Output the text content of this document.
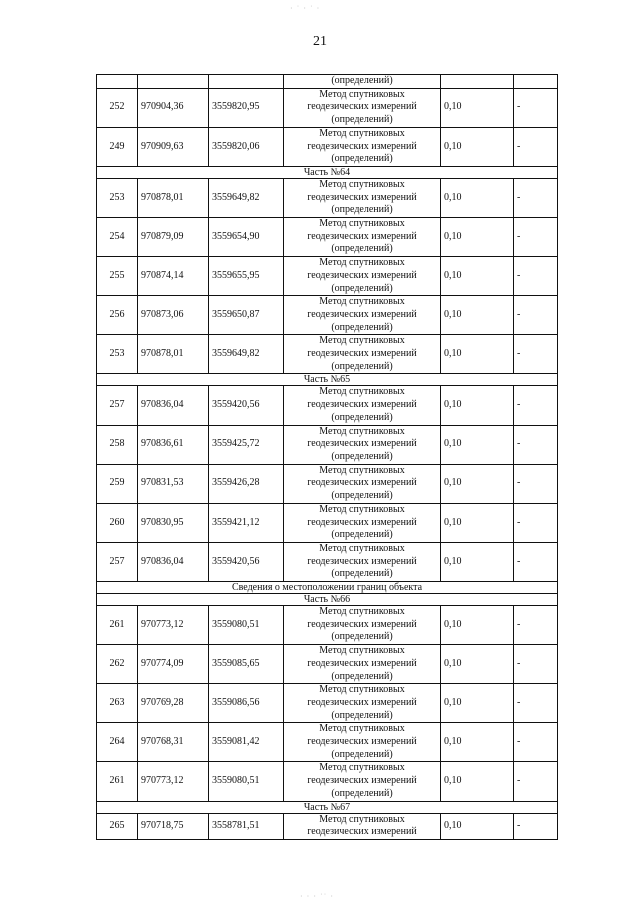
21
· ˙ · ˙ ·
· · · ˙˙ ·

			(определений)		

252	970904,36	3559820,95	Метод спутниковых
геодезических измерений
(определений)	0,10	-
249	970909,63	3559820,06	Метод спутниковых
геодезических измерений
(определений)	0,10	-
Часть №64					
253	970878,01	3559649,82	Метод спутниковых
геодезических измерений
(определений)	0,10	-
254	970879,09	3559654,90	Метод спутниковых
геодезических измерений
(определений)	0,10	-
255	970874,14	3559655,95	Метод спутниковых
геодезических измерений
(определений)	0,10	-
256	970873,06	3559650,87	Метод спутниковых
геодезических измерений
(определений)	0,10	-
253	970878,01	3559649,82	Метод спутниковых
геодезических измерений
(определений)	0,10	-
Часть №65					
257	970836,04	3559420,56	Метод спутниковых
геодезических измерений
(определений)	0,10	-
258	970836,61	3559425,72	Метод спутниковых
геодезических измерений
(определений)	0,10	-
259	970831,53	3559426,28	Метод спутниковых
геодезических измерений
(определений)	0,10	-
260	970830,95	3559421,12	Метод спутниковых
геодезических измерений
(определений)	0,10	-
257	970836,04	3559420,56	Метод спутниковых
геодезических измерений
(определений)	0,10	-
Сведения о местоположении границ объекта					
Часть №66					
261	970773,12	3559080,51	Метод спутниковых
геодезических измерений
(определений)	0,10	-
262	970774,09	3559085,65	Метод спутниковых
геодезических измерений
(определений)	0,10	-
263	970769,28	3559086,56	Метод спутниковых
геодезических измерений
(определений)	0,10	-
264	970768,31	3559081,42	Метод спутниковых
геодезических измерений
(определений)	0,10	-
261	970773,12	3559080,51	Метод спутниковых
геодезических измерений
(определений)	0,10	-
Часть №67					
265	970718,75	3558781,51	Метод спутниковых
геодезических измерений	0,10	-
